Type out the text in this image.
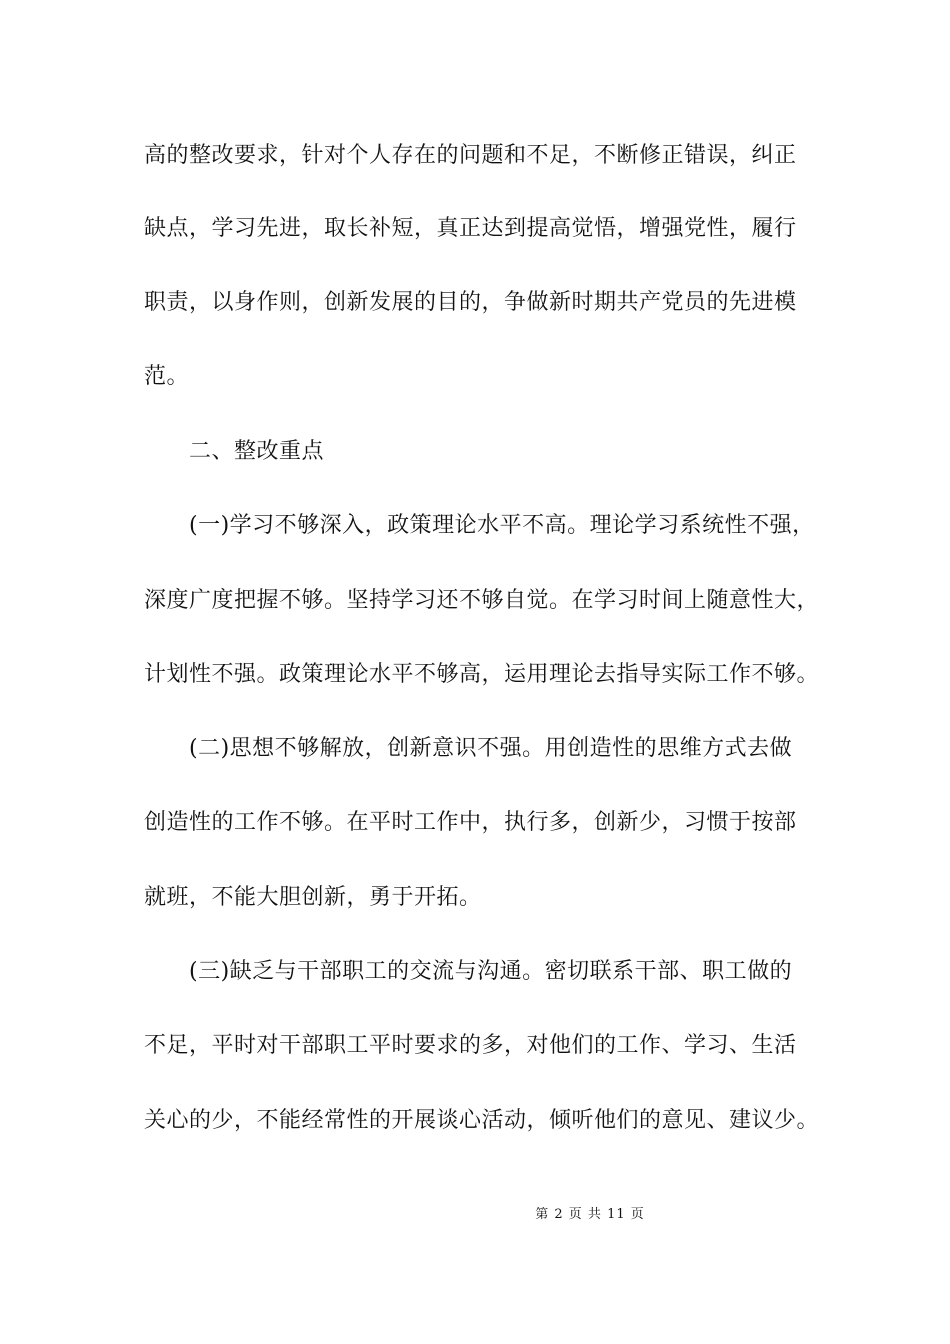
高的整改要求，针对个人存在的问题和不足，不断修正错误，纠正
缺点，学习先进，取长补短，真正达到提高觉悟，增强党性，履行
职责，以身作则，创新发展的目的，争做新时期共产党员的先进模
范。
二、整改重点
(一)学习不够深入，政策理论水平不高。理论学习系统性不强，
深度广度把握不够。坚持学习还不够自觉。在学习时间上随意性大，
计划性不强。政策理论水平不够高，运用理论去指导实际工作不够。
(二)思想不够解放，创新意识不强。用创造性的思维方式去做
创造性的工作不够。在平时工作中，执行多，创新少，习惯于按部
就班，不能大胆创新，勇于开拓。
(三)缺乏与干部职工的交流与沟通。密切联系干部、职工做的
不足，平时对干部职工平时要求的多，对他们的工作、学习、生活
关心的少，不能经常性的开展谈心活动，倾听他们的意见、建议少。
第 2 页 共 11 页
